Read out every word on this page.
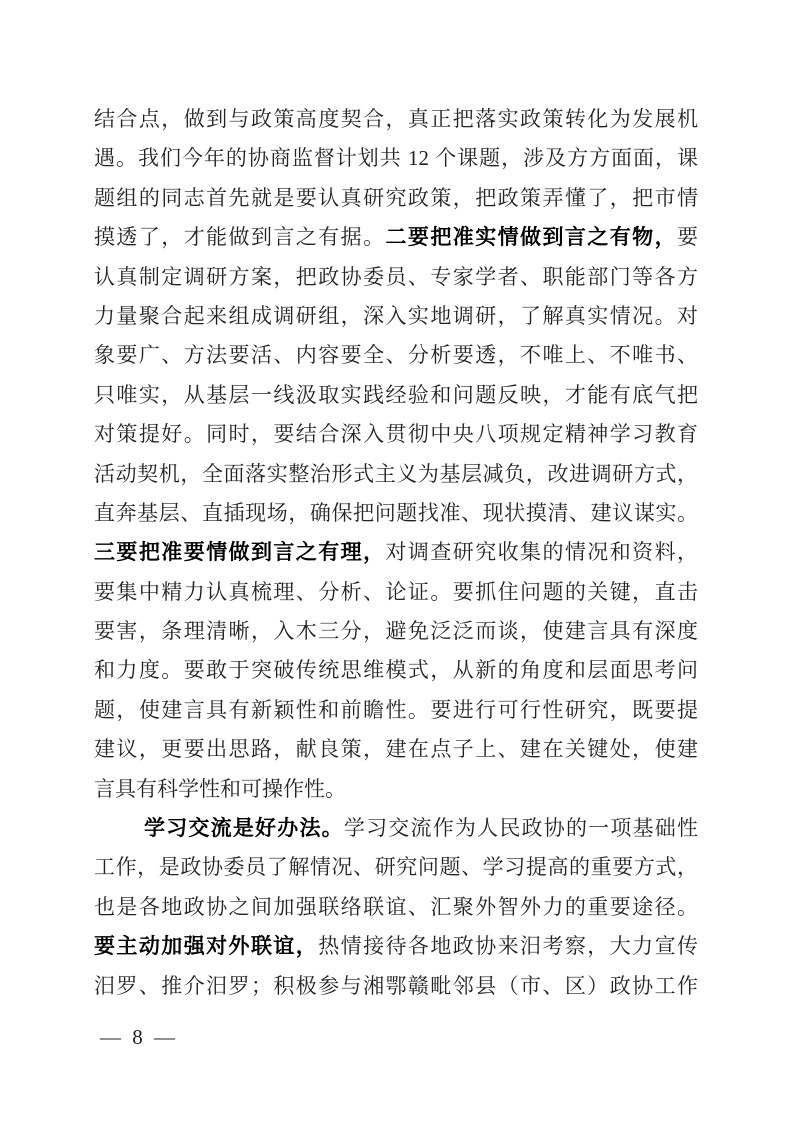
结合点，做到与政策高度契合，真正把落实政策转化为发展机
遇。我们今年的协商监督计划共 12 个课题，涉及方方面面，课
题组的同志首先就是要认真研究政策，把政策弄懂了，把市情
摸透了，才能做到言之有据。二要把准实情做到言之有物，要
认真制定调研方案，把政协委员、专家学者、职能部门等各方
力量聚合起来组成调研组，深入实地调研，了解真实情况。对
象要广、方法要活、内容要全、分析要透，不唯上、不唯书、
只唯实，从基层一线汲取实践经验和问题反映，才能有底气把
对策提好。同时，要结合深入贯彻中央八项规定精神学习教育
活动契机，全面落实整治形式主义为基层减负，改进调研方式，
直奔基层、直插现场，确保把问题找准、现状摸清、建议谋实。
三要把准要情做到言之有理，对调查研究收集的情况和资料，
要集中精力认真梳理、分析、论证。要抓住问题的关键，直击
要害，条理清晰，入木三分，避免泛泛而谈，使建言具有深度
和力度。要敢于突破传统思维模式，从新的角度和层面思考问
题，使建言具有新颖性和前瞻性。要进行可行性研究，既要提
建议，更要出思路，献良策，建在点子上、建在关键处，使建
言具有科学性和可操作性。
学习交流是好办法。学习交流作为人民政协的一项基础性
工作，是政协委员了解情况、研究问题、学习提高的重要方式，
也是各地政协之间加强联络联谊、汇聚外智外力的重要途径。
要主动加强对外联谊，热情接待各地政协来汨考察，大力宣传
汨罗、推介汨罗；积极参与湘鄂赣毗邻县（市、区）政协工作
— 8 —
